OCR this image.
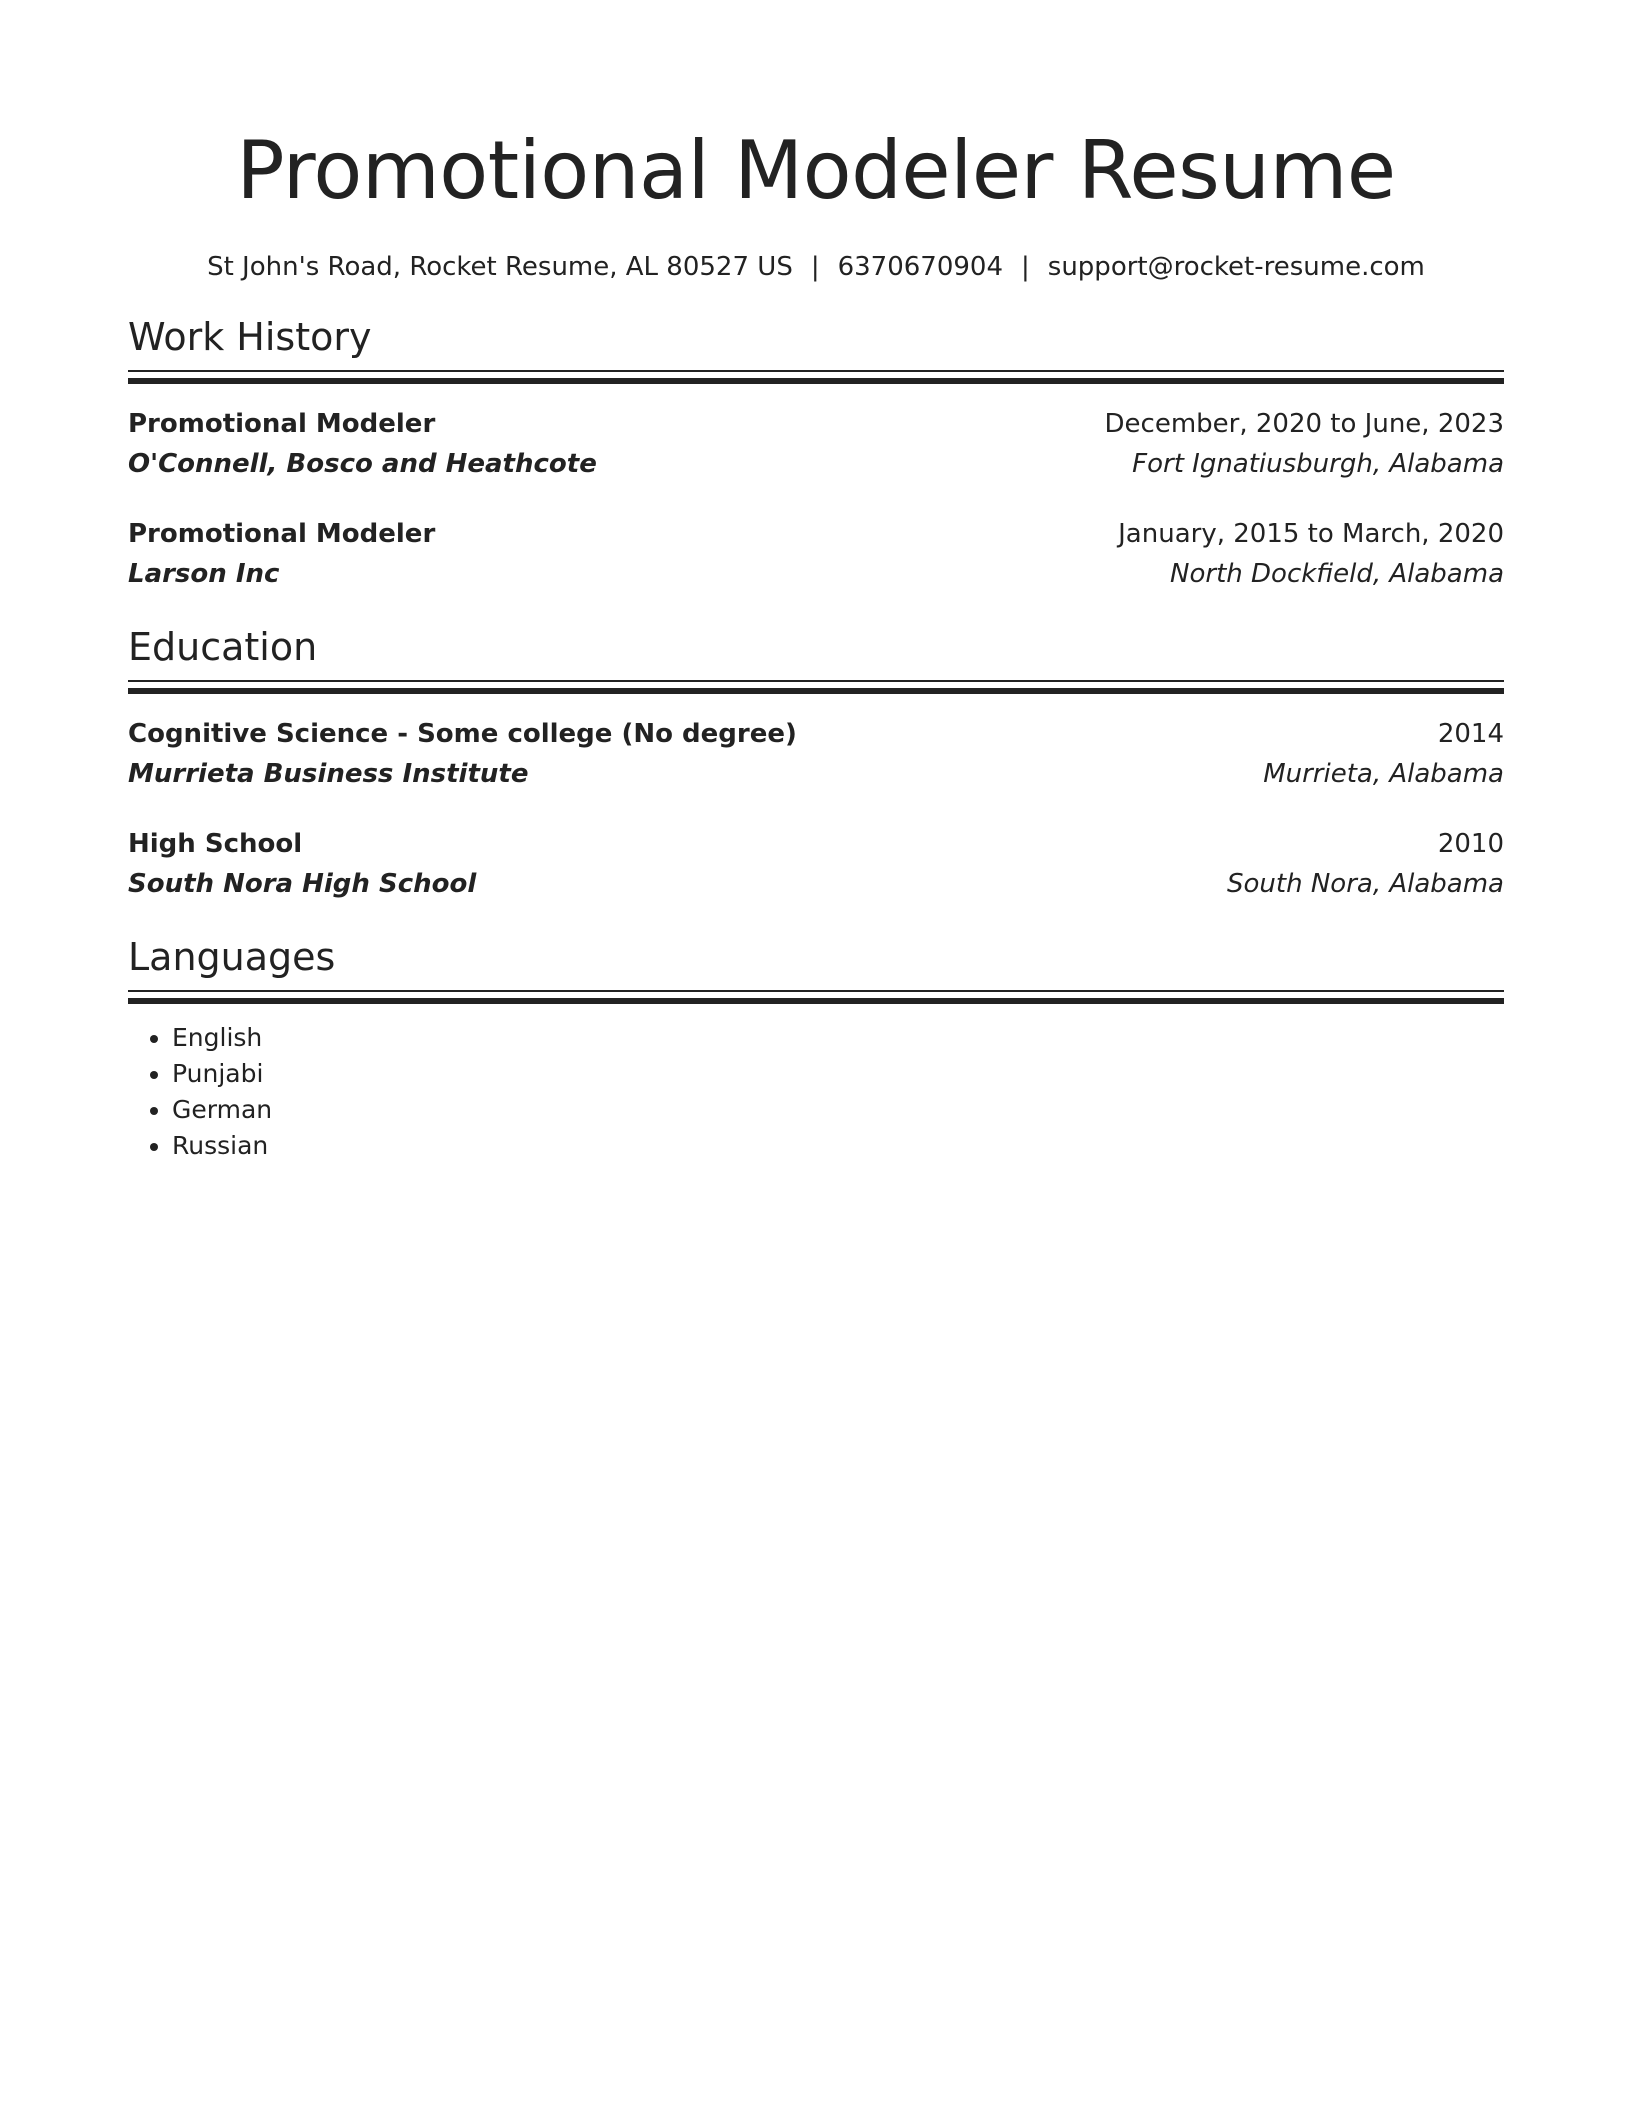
Promotional Modeler Resume
St John's Road, Rocket Resume, AL 80527 US | 6370670904 | support@rocket-resume.com
Work History
Promotional Modeler	December, 2020 to June, 2023
O'Connell, Bosco and Heathcote	Fort Ignatiusburgh, Alabama
Promotional Modeler	January, 2015 to March, 2020
Larson Inc	North Dockfield, Alabama
Education
Cognitive Science - Some college (No degree)	2014
Murrieta Business Institute	Murrieta, Alabama
High School	2010
South Nora High School	South Nora, Alabama
Languages
• English
• Punjabi
• German
• Russian
